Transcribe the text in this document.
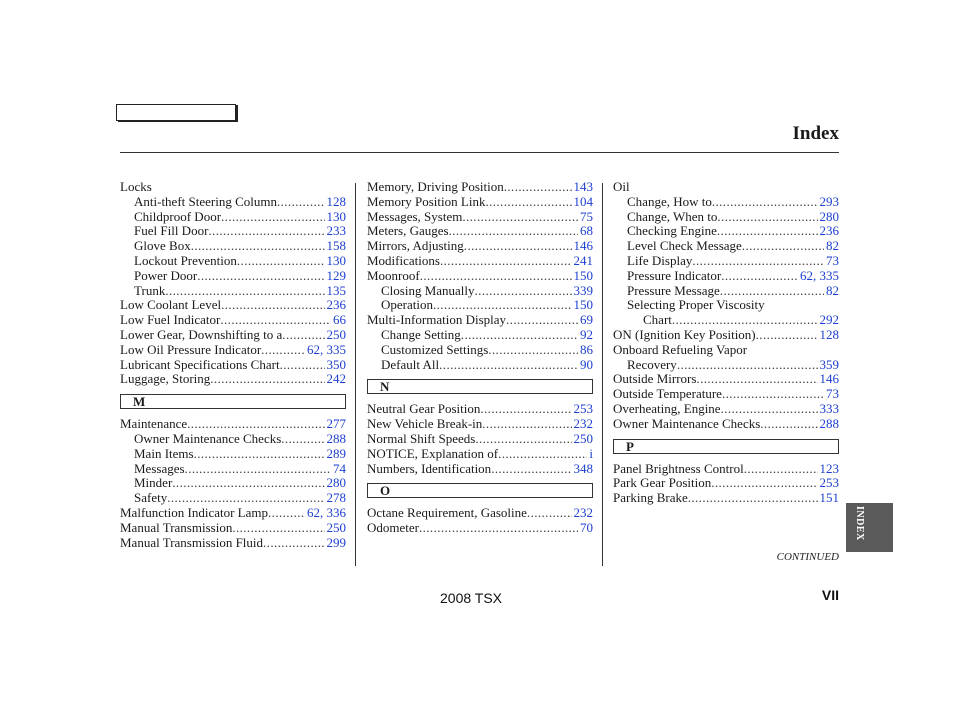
Index
Locks
Anti-theft Steering Column .....	128
Childproof Door .....	130
Fuel Fill Door .....	233
Glove Box .....	158
Lockout Prevention .....	130
Power Door .....	129
Trunk .....	135
Low Coolant Level .....	236
Low Fuel Indicator .....	66
Lower Gear, Downshifting to a .....	250
Low Oil Pressure Indicator .....	62, 335
Lubricant Specifications Chart .....	350
Luggage, Storing .....	242
M
Maintenance .....	277
Owner Maintenance Checks .....	288
Main Items .....	289
Messages .....	74
Minder .....	280
Safety .....	278
Malfunction Indicator Lamp .....	62, 336
Manual Transmission .....	250
Manual Transmission Fluid .....	299
Memory, Driving Position .....	143
Memory Position Link .....	104
Messages, System .....	75
Meters, Gauges .....	68
Mirrors, Adjusting .....	146
Modifications .....	241
Moonroof .....	150
Closing Manually .....	339
Operation .....	150
Multi-Information Display .....	69
Change Setting .....	92
Customized Settings .....	86
Default All .....	90
N
Neutral Gear Position .....	253
New Vehicle Break-in .....	232
Normal Shift Speeds .....	250
NOTICE, Explanation of .....	i
Numbers, Identification .....	348
O
Octane Requirement, Gasoline .....	232
Odometer .....	70
Oil
Change, How to .....	293
Change, When to .....	280
Checking Engine .....	236
Level Check Message .....	82
Life Display .....	73
Pressure Indicator .....	62, 335
Pressure Message .....	82
Selecting Proper Viscosity
Chart .....	292
ON (Ignition Key Position) .....	128
Onboard Refueling Vapor
Recovery .....	359
Outside Mirrors .....	146
Outside Temperature .....	73
Overheating, Engine .....	333
Owner Maintenance Checks .....	288
P
Panel Brightness Control .....	123
Park Gear Position .....	253
Parking Brake .....	151
CONTINUED
2008 TSX	VII
INDEX
